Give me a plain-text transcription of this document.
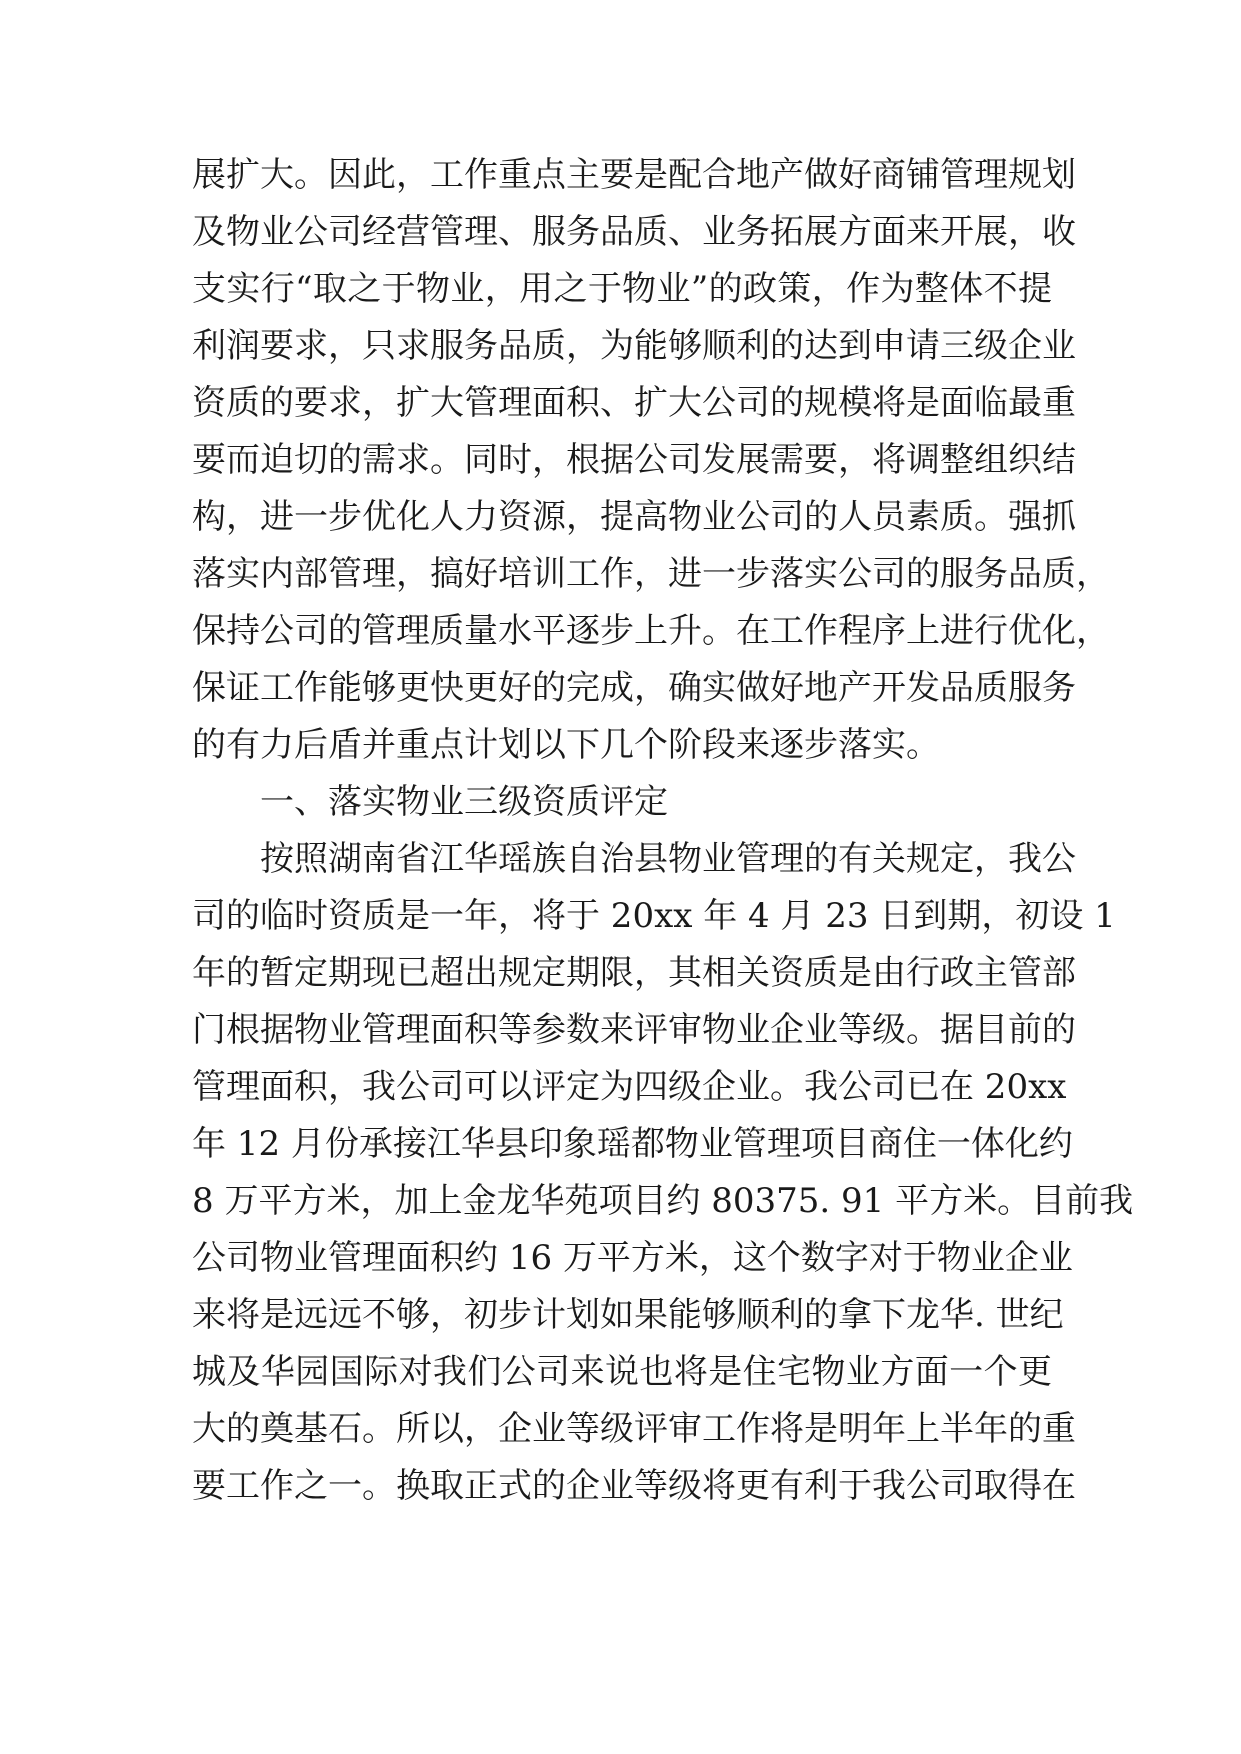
展扩大。因此，工作重点主要是配合地产做好商铺管理规划
及物业公司经营管理、服务品质、业务拓展方面来开展，收
支实行“取之于物业，用之于物业”的政策，作为整体不提
利润要求，只求服务品质，为能够顺利的达到申请三级企业
资质的要求，扩大管理面积、扩大公司的规模将是面临最重
要而迫切的需求。同时，根据公司发展需要，将调整组织结
构，进一步优化人力资源，提高物业公司的人员素质。强抓
落实内部管理，搞好培训工作，进一步落实公司的服务品质，
保持公司的管理质量水平逐步上升。在工作程序上进行优化，
保证工作能够更快更好的完成，确实做好地产开发品质服务
的有力后盾并重点计划以下几个阶段来逐步落实。
一、落实物业三级资质评定
按照湖南省江华瑶族自治县物业管理的有关规定，我公
司的临时资质是一年，将于 20xx 年 4 月 23 日到期，初设 1
年的暂定期现已超出规定期限，其相关资质是由行政主管部
门根据物业管理面积等参数来评审物业企业等级。据目前的
管理面积，我公司可以评定为四级企业。我公司已在 20xx
年 12 月份承接江华县印象瑶都物业管理项目商住一体化约
8 万平方米，加上金龙华苑项目约 80375. 91 平方米。目前我
公司物业管理面积约 16 万平方米，这个数字对于物业企业
来将是远远不够，初步计划如果能够顺利的拿下龙华. 世纪
城及华园国际对我们公司来说也将是住宅物业方面一个更
大的奠基石。所以，企业等级评审工作将是明年上半年的重
要工作之一。换取正式的企业等级将更有利于我公司取得在
